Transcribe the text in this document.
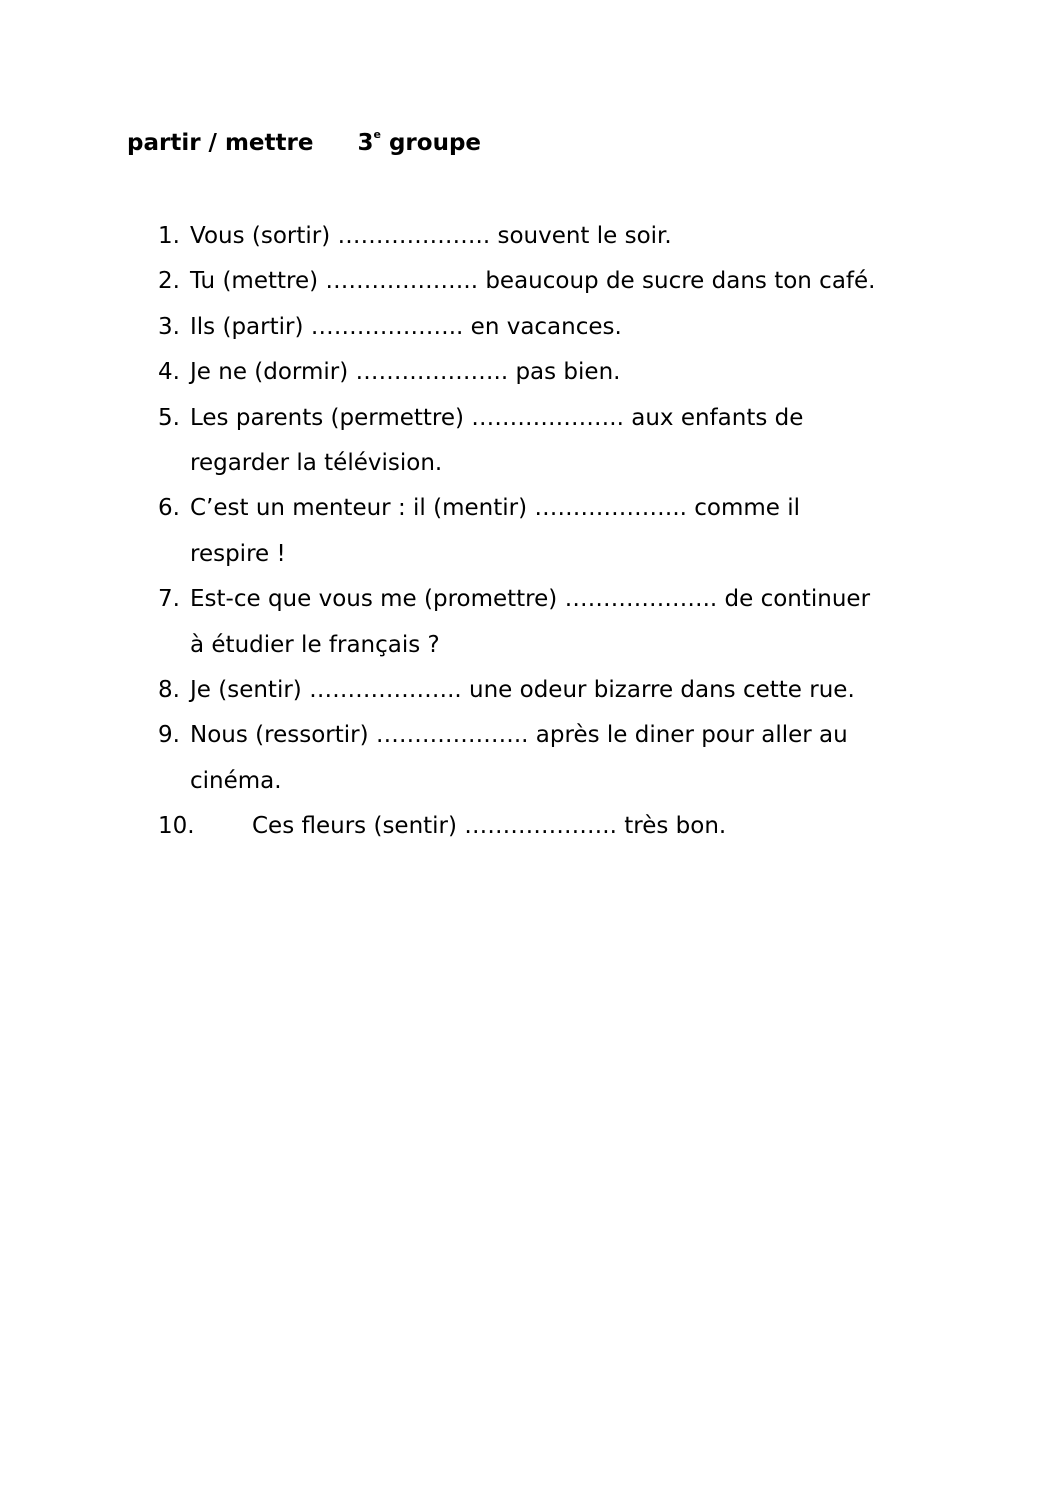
partir / mettre 3e groupe
1. Vous (sortir) ……………….. souvent le soir.
2. Tu (mettre) ……………….. beaucoup de sucre dans ton café.
3. Ils (partir) ……………….. en vacances.
4. Je ne (dormir) ……………….. pas bien.
5. Les parents (permettre) ……………….. aux enfants de
regarder la télévision.
6. C’est un menteur : il (mentir) ……………….. comme il
respire !
7. Est-ce que vous me (promettre) ……………….. de continuer
à étudier le français ?
8. Je (sentir) ……………….. une odeur bizarre dans cette rue.
9. Nous (ressortir) ……………….. après le diner pour aller au
cinéma.
10.	Ces fleurs (sentir) ……………….. très bon.
